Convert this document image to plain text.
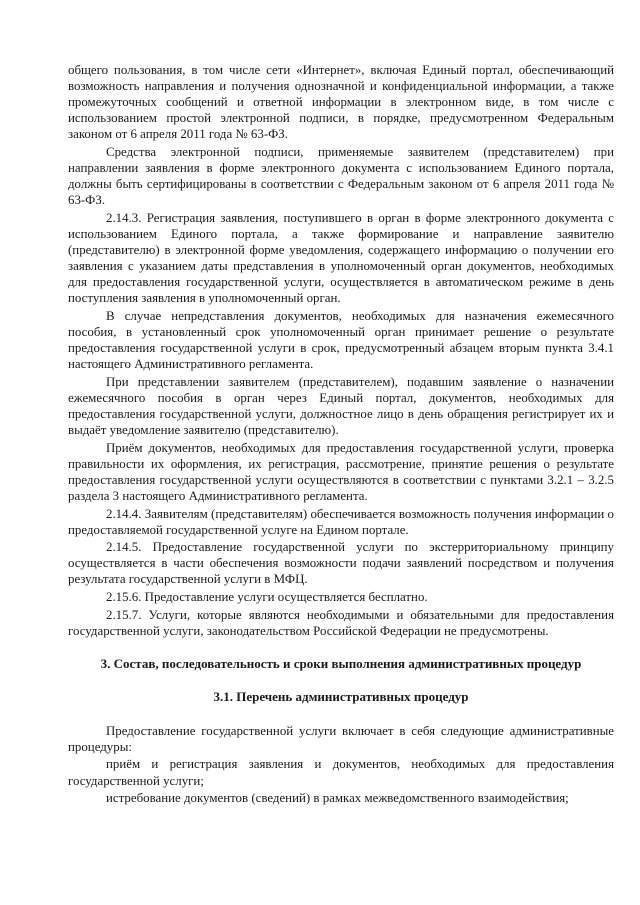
общего пользования, в том числе сети «Интернет», включая Единый портал, обеспечивающий возможность направления и получения однозначной и конфиденциальной информации, а также промежуточных сообщений и ответной информации в электронном виде, в том числе с использованием простой электронной подписи, в порядке, предусмотренном Федеральным законом от 6 апреля 2011 года № 63-ФЗ.

Средства электронной подписи, применяемые заявителем (представителем) при направлении заявления в форме электронного документа с использованием Единого портала, должны быть сертифицированы в соответствии с Федеральным законом от 6 апреля 2011 года № 63-ФЗ.

2.14.3. Регистрация заявления, поступившего в орган в форме электронного документа с использованием Единого портала, а также формирование и направление заявителю (представителю) в электронной форме уведомления, содержащего информацию о получении его заявления с указанием даты представления в уполномоченный орган документов, необходимых для предоставления государственной услуги, осуществляется в автоматическом режиме в день поступления заявления в уполномоченный орган.

В случае непредставления документов, необходимых для назначения ежемесячного пособия, в установленный срок уполномоченный орган принимает решение о результате предоставления государственной услуги в срок, предусмотренный абзацем вторым пункта 3.4.1 настоящего Административного регламента.

При представлении заявителем (представителем), подавшим заявление о назначении ежемесячного пособия в орган через Единый портал, документов, необходимых для предоставления государственной услуги, должностное лицо в день обращения регистрирует их и выдаёт уведомление заявителю (представителю).

Приём документов, необходимых для предоставления государственной услуги, проверка правильности их оформления, их регистрация, рассмотрение, принятие решения о результате предоставления государственной услуги осуществляются в соответствии с пунктами 3.2.1 – 3.2.5 раздела 3 настоящего Административного регламента.

2.14.4. Заявителям (представителям) обеспечивается возможность получения информации о предоставляемой государственной услуге на Едином портале.

2.14.5. Предоставление государственной услуги по экстерриториальному принципу осуществляется в части обеспечения возможности подачи заявлений посредством и получения результата государственной услуги в МФЦ.

2.15.6. Предоставление услуги осуществляется бесплатно.

2.15.7. Услуги, которые являются необходимыми и обязательными для предоставления государственной услуги, законодательством Российской Федерации не предусмотрены.

3. Состав, последовательность и сроки выполнения административных процедур
3.1. Перечень административных процедур

Предоставление государственной услуги включает в себя следующие административные процедуры:

приём и регистрация заявления и документов, необходимых для предоставления государственной услуги;

истребование документов (сведений) в рамках межведомственного взаимодействия;
